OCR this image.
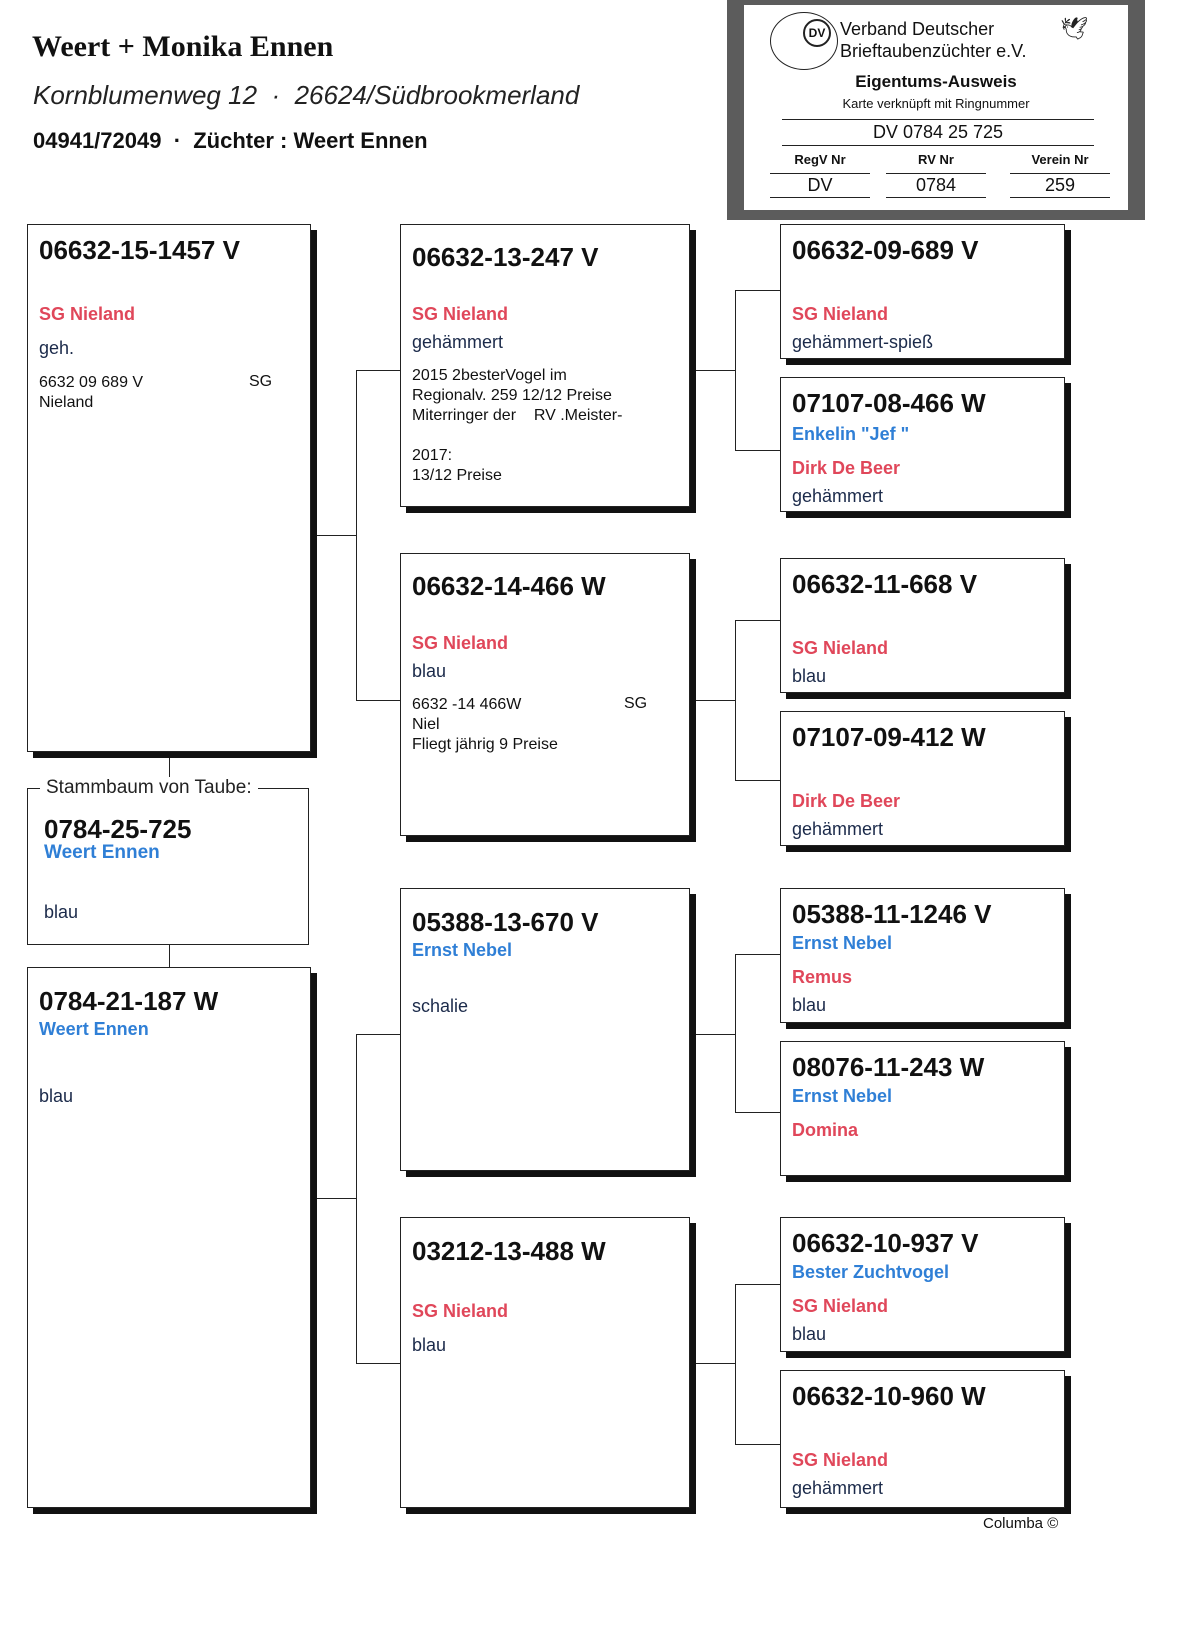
Weert + Monika Ennen
Kornblumenweg 12  ·  26624/Südbrookmerland
04941/72049  ·  Züchter : Weert Ennen
DV Verband Deutscher
Brieftaubenzüchter e.V.
🕊
Eigentums-Ausweis
Karte verknüpft mit Ringnummer
DV 0784 25 725
RegV Nr
DV
RV Nr
0784
Verein Nr
259
Stammbaum von Taube:
0784-25-725
Weert Ennen
blau
06632-15-1457 V
SG Nieland
geh.
6632 09 689 V
Nieland
SG
0784-21-187 W
Weert Ennen
blau
06632-13-247 V
SG Nieland
gehämmert
2015 2besterVogel im
Regionalv. 259 12/12 Preise
Miterringer der    RV .Meister-

2017:
13/12 Preise
06632-14-466 W
SG Nieland
blau
6632 -14 466W
Niel
Fliegt jährig 9 Preise
SG
05388-13-670 V
Ernst Nebel
schalie
03212-13-488 W
SG Nieland
blau
06632-09-689 V
SG Nieland
gehämmert-spieß
07107-08-466 W
Enkelin "Jef "
Dirk De Beer
gehämmert
06632-11-668 V
SG Nieland
blau
07107-09-412 W
Dirk De Beer
gehämmert
05388-11-1246 V
Ernst Nebel
Remus
blau
08076-11-243 W
Ernst Nebel
Domina
06632-10-937 V
Bester Zuchtvogel
SG Nieland
blau
06632-10-960 W
SG Nieland
gehämmert
Columba ©
